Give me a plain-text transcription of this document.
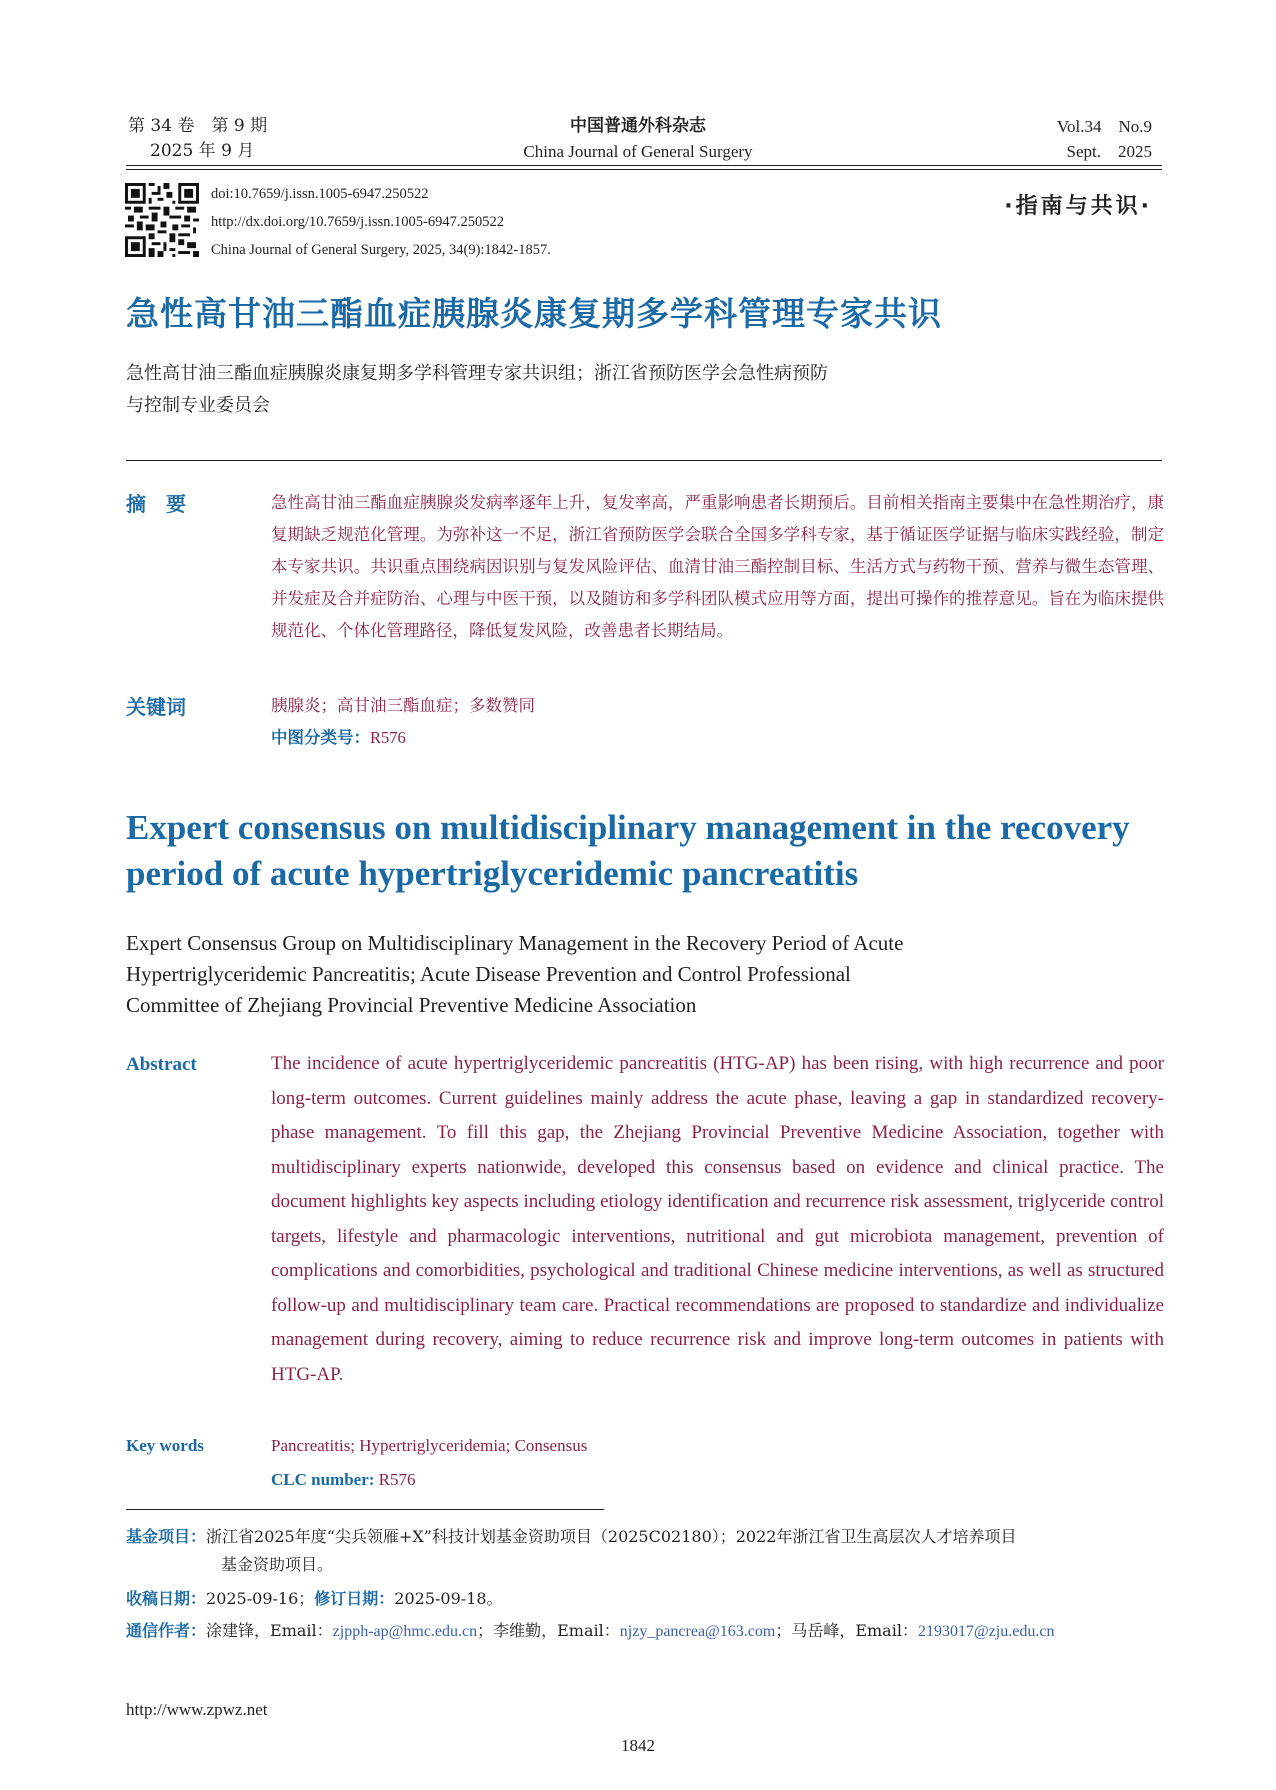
第 34 卷　第 9 期
2025 年 9 月
中国普通外科杂志
China Journal of General Surgery
Vol.34　No.9
Sept.　2025
doi:10.7659/j.issn.1005-6947.250522
http://dx.doi.org/10.7659/j.issn.1005-6947.250522
China Journal of General Surgery, 2025, 34(9):1842-1857.
·指南与共识·
急性高甘油三酯血症胰腺炎康复期多学科管理专家共识
急性高甘油三酯血症胰腺炎康复期多学科管理专家共识组；浙江省预防医学会急性病预防
与控制专业委员会
摘　要	急性高甘油三酯血症胰腺炎发病率逐年上升，复发率高，严重影响患者长期预后。目前相关指南主要集中在急性期治疗，康复期缺乏规范化管理。为弥补这一不足，浙江省预防医学会联合全国多学科专家，基于循证医学证据与临床实践经验，制定本专家共识。共识重点围绕病因识别与复发风险评估、血清甘油三酯控制目标、生活方式与药物干预、营养与微生态管理、并发症及合并症防治、心理与中医干预，以及随访和多学科团队模式应用等方面，提出可操作的推荐意见。旨在为临床提供规范化、个体化管理路径，降低复发风险，改善患者长期结局。
关键词	胰腺炎；高甘油三酯血症；多数赞同
中图分类号：R576
Expert consensus on multidisciplinary management in the recovery
period of acute hypertriglyceridemic pancreatitis
Expert Consensus Group on Multidisciplinary Management in the Recovery Period of Acute
Hypertriglyceridemic Pancreatitis; Acute Disease Prevention and Control Professional
Committee of Zhejiang Provincial Preventive Medicine Association
Abstract	The incidence of acute hypertriglyceridemic pancreatitis (HTG-AP) has been rising, with high recurrence and poor long-term outcomes. Current guidelines mainly address the acute phase, leaving a gap in standardized recovery-phase management. To fill this gap, the Zhejiang Provincial Preventive Medicine Association, together with multidisciplinary experts nationwide, developed this consensus based on evidence and clinical practice. The document highlights key aspects including etiology identification and recurrence risk assessment, triglyceride control targets, lifestyle and pharmacologic interventions, nutritional and gut microbiota management, prevention of complications and comorbidities, psychological and traditional Chinese medicine interventions, as well as structured follow-up and multidisciplinary team care. Practical recommendations are proposed to standardize and individualize management during recovery, aiming to reduce recurrence risk and improve long-term outcomes in patients with HTG-AP.
Key words	Pancreatitis; Hypertriglyceridemia; Consensus
CLC number: R576
基金项目：浙江省2025年度“尖兵领雁+X”科技计划基金资助项目（2025C02180）；2022年浙江省卫生高层次人才培养项目
基金资助项目。
收稿日期：2025-09-16；修订日期：2025-09-18。
通信作者：涂建锋，Email：zjpph-ap@hmc.edu.cn；李维勤，Email：njzy_pancrea@163.com；马岳峰，Email：2193017@zju.edu.cn
http://www.zpwz.net
1842
